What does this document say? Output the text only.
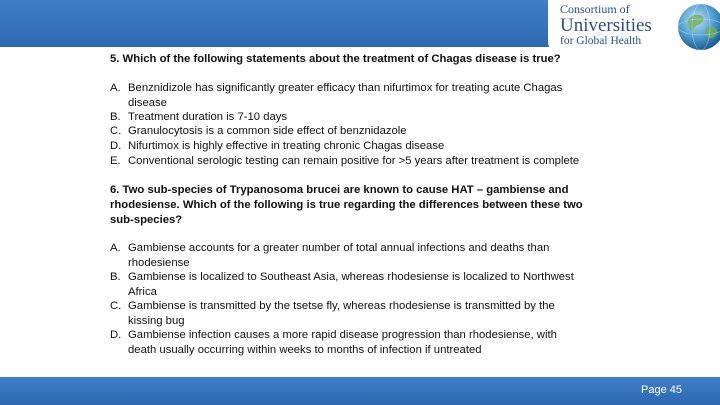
Consortium of
Universities
for Global Health
5. Which of the following statements about the treatment of Chagas disease is true?
A. Benznidizole has significantly greater efficacy than nifurtimox for treating acute Chagas
disease
B. Treatment duration is 7-10 days
C. Granulocytosis is a common side effect of benznidazole
D. Nifurtimox is highly effective in treating chronic Chagas disease
E. Conventional serologic testing can remain positive for >5 years after treatment is complete
6. Two sub-species of Trypanosoma brucei are known to cause HAT – gambiense and
rhodesiense. Which of the following is true regarding the differences between these two
sub-species?
A. Gambiense accounts for a greater number of total annual infections and deaths than
rhodesiense
B. Gambiense is localized to Southeast Asia, whereas rhodesiense is localized to Northwest
Africa
C. Gambiense is transmitted by the tsetse fly, whereas rhodesiense is transmitted by the
kissing bug
D. Gambiense infection causes a more rapid disease progression than rhodesiense, with
death usually occurring within weeks to months of infection if untreated
Page 45
